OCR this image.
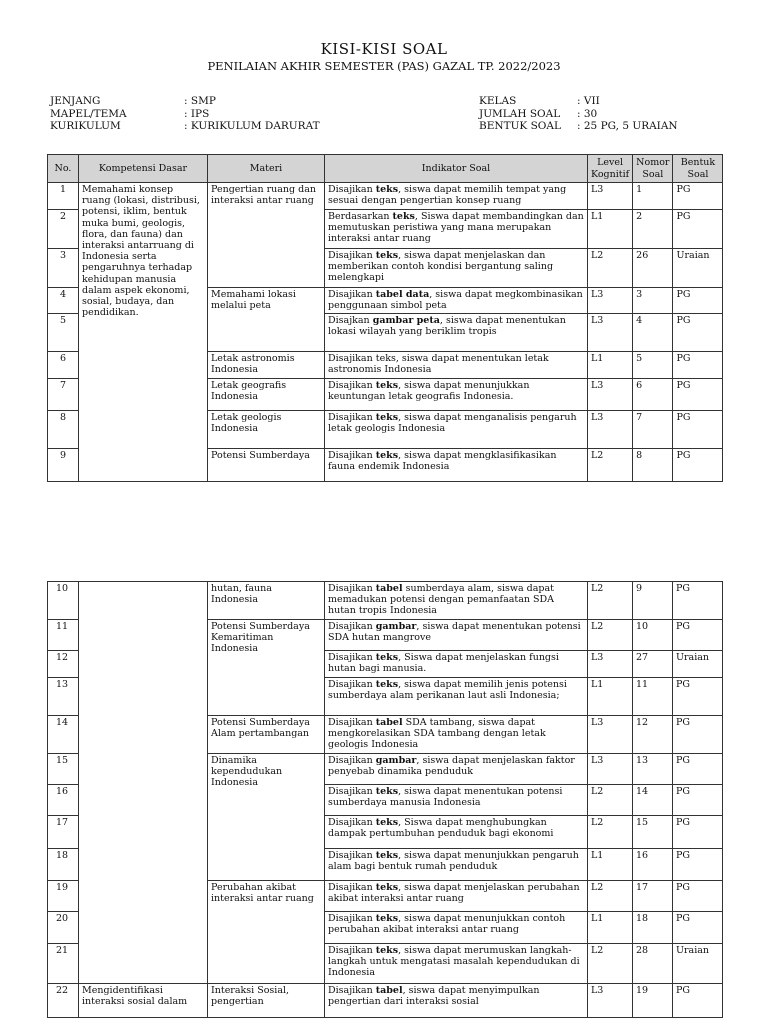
KISI-KISI SOAL
PENILAIAN AKHIR SEMESTER (PAS) GAZAL TP. 2022/2023
JENJANG	: SMP
MAPEL/TEMA	: IPS
KURIKULUM	: KURIKULUM DARURAT
KELAS	: VII
JUMLAH SOAL : 30
BENTUK SOAL : 25 PG, 5 URAIAN
No.	Kompetensi Dasar	Materi	Indikator Soal	Level Kognitif	Nomor Soal	Bentuk Soal
1	Memahami konsep ruang (lokasi, distribusi, potensi, iklim, bentuk muka bumi, geologis, flora, dan fauna) dan interaksi antarruang di Indonesia serta pengaruhnya terhadap kehidupan manusia dalam aspek ekonomi, sosial, budaya, dan pendidikan.	Pengertian ruang dan interaksi antar ruang	Disajikan teks, siswa dapat memilih tempat yang sesuai dengan pengertian konsep ruang	L3	1	PG
2			Berdasarkan teks, Siswa dapat membandingkan dan memutuskan peristiwa yang mana merupakan interaksi antar ruang	L1	2	PG
3			Disajikan teks, siswa dapat menjelaskan dan memberikan contoh kondisi bergantung saling melengkapi	L2	26	Uraian
4		Memahami lokasi melalui peta	Disajikan tabel data, siswa dapat megkombinasikan penggunaan simbol peta	L3	3	PG
5			Disajkan gambar peta, siswa dapat menentukan lokasi wilayah yang beriklim tropis	L3	4	PG
6		Letak astronomis Indonesia	Disajikan teks, siswa dapat menentukan letak astronomis Indonesia	L1	5	PG
7		Letak geografis Indonesia	Disajikan teks, siswa dapat menunjukkan keuntungan letak geografis Indonesia.	L3	6	PG
8		Letak geologis Indonesia	Disajikan teks, siswa dapat menganalisis pengaruh letak geologis Indonesia	L3	7	PG
9		Potensi Sumberdaya	Disajikan teks, siswa dapat mengklasifikasikan fauna endemik Indonesia	L2	8	PG
10		hutan, fauna Indonesia	Disajikan tabel sumberdaya alam, siswa dapat memadukan potensi dengan pemanfaatan SDA hutan tropis Indonesia	L2	9	PG
11		Potensi Sumberdaya Kemaritiman Indonesia	Disajikan gambar, siswa dapat menentukan potensi SDA hutan mangrove	L2	10	PG
12			Disajikan teks, Siswa dapat menjelaskan fungsi hutan bagi manusia.	L3	27	Uraian
13			Disajikan teks, siswa dapat memilih jenis potensi sumberdaya alam perikanan laut asli Indonesia;	L1	11	PG
14		Potensi Sumberdaya Alam pertambangan	Disajikan tabel SDA tambang, siswa dapat mengkorelasikan SDA tambang dengan letak geologis Indonesia	L3	12	PG
15		Dinamika kependudukan Indonesia	Disajikan gambar, siswa dapat menjelaskan faktor penyebab dinamika penduduk	L3	13	PG
16			Disajikan teks, siswa dapat menentukan potensi sumberdaya manusia Indonesia	L2	14	PG
17			Disajikan teks, Siswa dapat menghubungkan dampak pertumbuhan penduduk bagi ekonomi	L2	15	PG
18			Disajikan teks, siswa dapat menunjukkan pengaruh alam bagi bentuk rumah penduduk	L1	16	PG
19		Perubahan akibat interaksi antar ruang	Disajikan teks, siswa dapat menjelaskan perubahan akibat interaksi antar ruang	L2	17	PG
20			Disajikan teks, siswa dapat menunjukkan contoh perubahan akibat interaksi antar ruang	L1	18	PG
21			Disajikan teks, siswa dapat merumuskan langkah-langkah untuk mengatasi masalah kependudukan di Indonesia	L2	28	Uraian
22	Mengidentifikasi interaksi sosial dalam	Interaksi Sosial, pengertian	Disajikan tabel, siswa dapat menyimpulkan pengertian dari interaksi sosial	L3	19	PG
